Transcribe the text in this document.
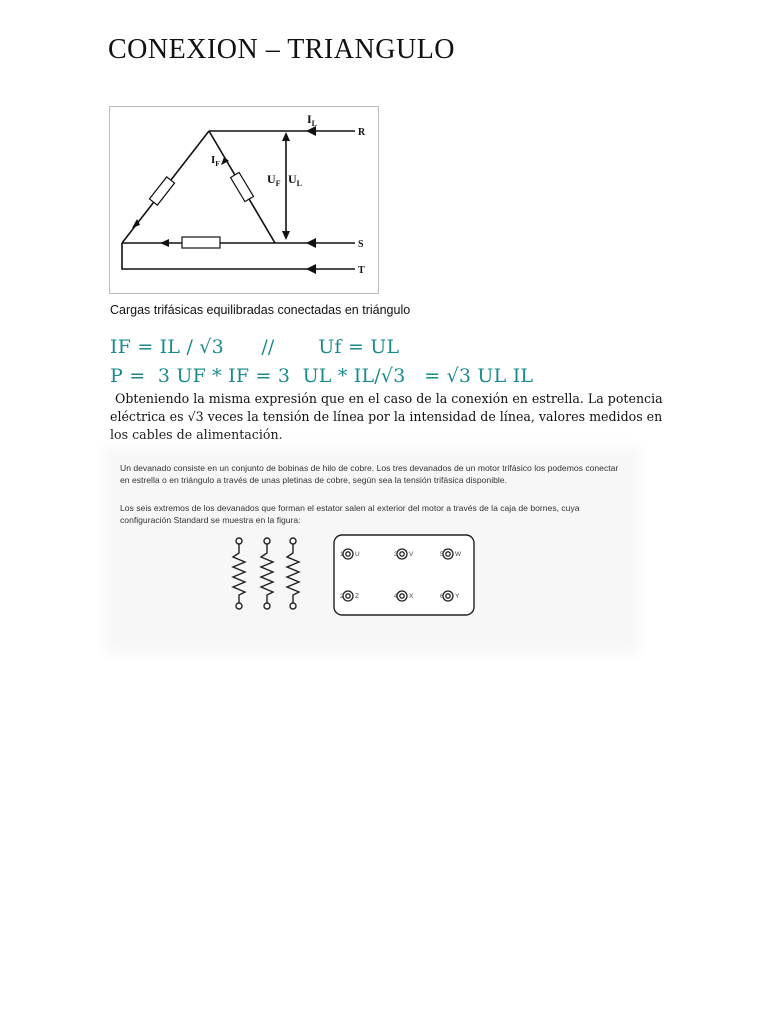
CONEXION – TRIANGULO
$I_L$
$I_F$
$U_F$ $U_L$
R
S
T
Cargas trifásicas equilibradas conectadas en triángulo
IF = IL / √3      //       Uf = UL
P =  3 UF * IF = 3  UL * IL/√3   = √3 UL IL
Obteniendo la misma expresión que en el caso de la conexión en estrella. La potencia eléctrica es √3 veces la tensión de línea por la intensidad de línea, valores medidos en los cables de alimentación.
Un devanado consiste en un conjunto de bobinas de hilo de cobre. Los tres devanados de un motor trifásico los podemos conectar en estrella o en triángulo a través de unas pletinas de cobre, según sea la tensión trifásica disponible.
Los seis extremos de los devanados que forman el estator salen al exterior del motor a través de la caja de bornes, cuya configuración Standard se muestra en la figura:
1 U	3 V	5 W
2 Z	4 X	6 Y
